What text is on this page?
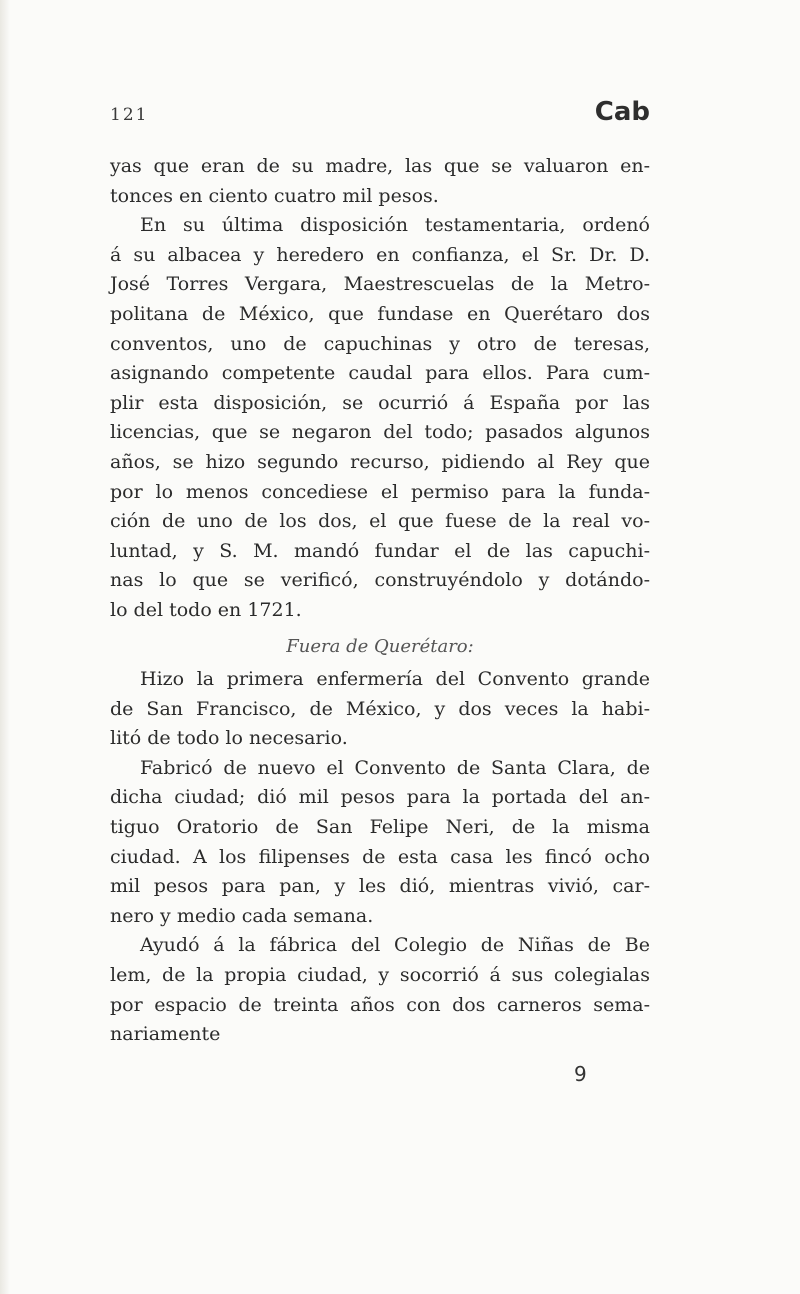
121	Cab
yas que eran de su madre, las que se valuaron en-
tonces en ciento cuatro mil pesos.
En su última disposición testamentaria, ordenó
á su albacea y heredero en confianza, el Sr. Dr. D.
José Torres Vergara, Maestrescuelas de la Metro-
politana de México, que fundase en Querétaro dos
conventos, uno de capuchinas y otro de teresas,
asignando competente caudal para ellos. Para cum-
plir esta disposición, se ocurrió á España por las
licencias, que se negaron del todo; pasados algunos
años, se hizo segundo recurso, pidiendo al Rey que
por lo menos concediese el permiso para la funda-
ción de uno de los dos, el que fuese de la real vo-
luntad, y S. M. mandó fundar el de las capuchi-
nas lo que se verificó, construyéndolo y dotándo-
lo del todo en 1721.
Fuera de Querétaro:
Hizo la primera enfermería del Convento grande
de San Francisco, de México, y dos veces la habi-
litó de todo lo necesario.
Fabricó de nuevo el Convento de Santa Clara, de
dicha ciudad; dió mil pesos para la portada del an-
tiguo Oratorio de San Felipe Neri, de la misma
ciudad. A los filipenses de esta casa les fincó ocho
mil pesos para pan, y les dió, mientras vivió, car-
nero y medio cada semana.
Ayudó á la fábrica del Colegio de Niñas de Be
lem, de la propia ciudad, y socorrió á sus colegialas
por espacio de treinta años con dos carneros sema-
nariamente
9
